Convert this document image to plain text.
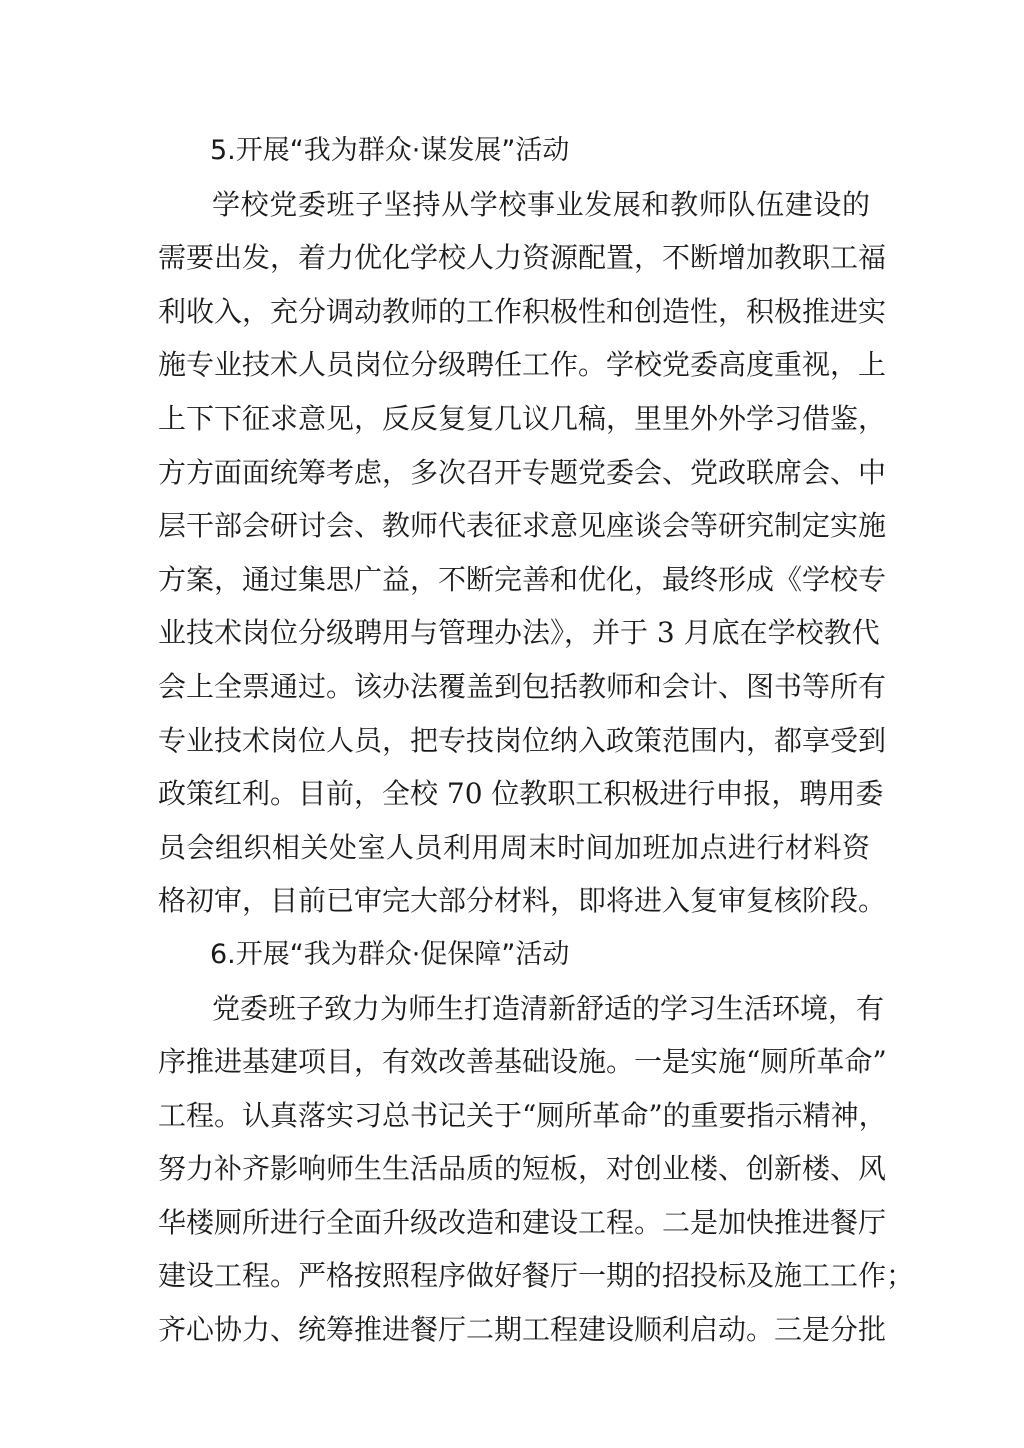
5.开展“我为群众·谋发展”活动
学校党委班子坚持从学校事业发展和教师队伍建设的
需要出发，着力优化学校人力资源配置，不断增加教职工福
利收入，充分调动教师的工作积极性和创造性，积极推进实
施专业技术人员岗位分级聘任工作。学校党委高度重视，上
上下下征求意见，反反复复几议几稿，里里外外学习借鉴，
方方面面统筹考虑，多次召开专题党委会、党政联席会、中
层干部会研讨会、教师代表征求意见座谈会等研究制定实施
方案，通过集思广益，不断完善和优化，最终形成《学校专
业技术岗位分级聘用与管理办法》，并于 3 月底在学校教代
会上全票通过。该办法覆盖到包括教师和会计、图书等所有
专业技术岗位人员，把专技岗位纳入政策范围内，都享受到
政策红利。目前，全校 70 位教职工积极进行申报，聘用委
员会组织相关处室人员利用周末时间加班加点进行材料资
格初审，目前已审完大部分材料，即将进入复审复核阶段。
6.开展“我为群众·促保障”活动
党委班子致力为师生打造清新舒适的学习生活环境，有
序推进基建项目，有效改善基础设施。一是实施“厕所革命”
工程。认真落实习总书记关于“厕所革命”的重要指示精神，
努力补齐影响师生生活品质的短板，对创业楼、创新楼、风
华楼厕所进行全面升级改造和建设工程。二是加快推进餐厅
建设工程。严格按照程序做好餐厅一期的招投标及施工工作；
齐心协力、统筹推进餐厅二期工程建设顺利启动。三是分批
